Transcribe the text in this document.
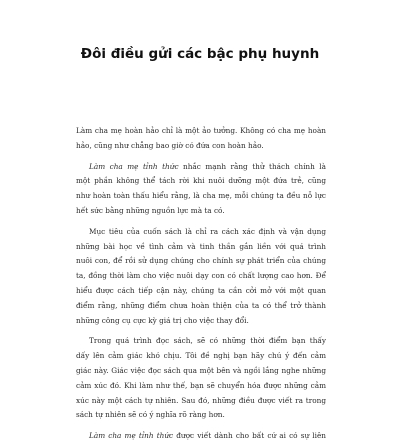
Đôi điều gửi các bậc phụ huynh

Làm cha mẹ hoàn hảo chỉ là một ảo tưởng. Không có cha mẹ hoàn
hảo, cũng như chẳng bao giờ có đứa con hoàn hảo.

Làm cha mẹ tỉnh thức nhắc mạnh rằng thử thách chính là
một phần không thể tách rời khi nuôi dưỡng một đứa trẻ, cũng
như hoàn toàn thấu hiểu rằng, là cha mẹ, mỗi chúng ta đều nỗ lực
hết sức bằng những nguồn lực mà ta có.

Mục tiêu của cuốn sách là chỉ ra cách xác định và vận dụng
những bài học về tình cảm và tinh thần gắn liền với quá trình
nuôi con, để rồi sử dụng chúng cho chính sự phát triển của chúng
ta, đồng thời làm cho việc nuôi dạy con có chất lượng cao hơn. Để
hiểu được cách tiếp cận này, chúng ta cần cởi mở với một quan
điểm rằng, những điểm chưa hoàn thiện của ta có thể trở thành
những công cụ cực kỳ giá trị cho việc thay đổi.

Trong quá trình đọc sách, sẽ có những thời điểm bạn thấy
dấy lên cảm giác khó chịu. Tôi đề nghị bạn hãy chú ý đến cảm
giác này. Giác việc đọc sách qua một bên và ngồi lắng nghe những
cảm xúc đó. Khi làm như thế, bạn sẽ chuyển hóa được những cảm
xúc này một cách tự nhiên. Sau đó, những điều được viết ra trong
sách tự nhiên sẽ có ý nghĩa rõ ràng hơn.

Làm cha mẹ tỉnh thức được viết dành cho bất cứ ai có sự liên
